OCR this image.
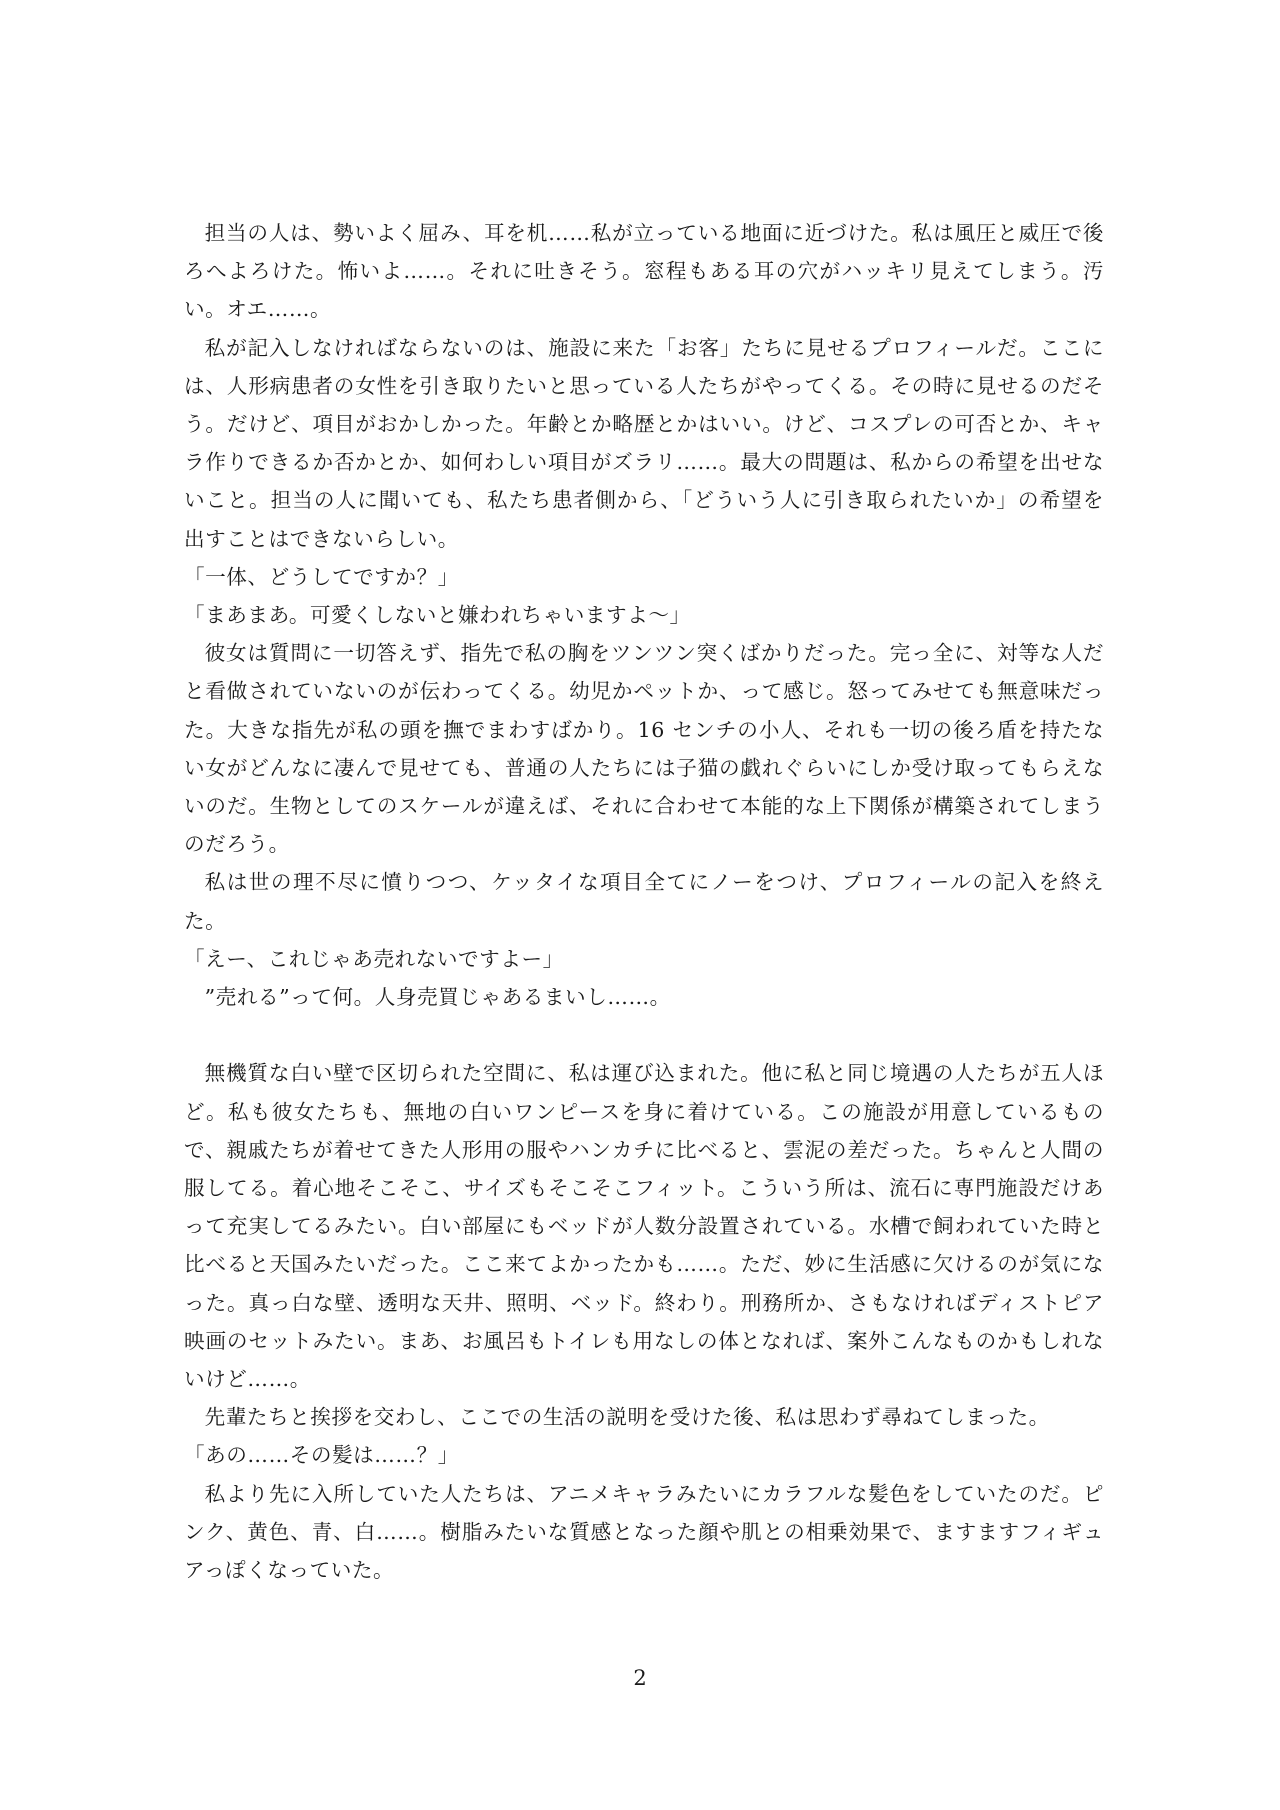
担当の人は、勢いよく屈み、耳を机……私が立っている地面に近づけた。私は風圧と威圧で後ろへよろけた。怖いよ……。それに吐きそう。窓程もある耳の穴がハッキリ見えてしまう。汚い。オエ……。

私が記入しなければならないのは、施設に来た「お客」たちに見せるプロフィールだ。ここには、人形病患者の女性を引き取りたいと思っている人たちがやってくる。その時に見せるのだそう。だけど、項目がおかしかった。年齢とか略歴とかはいい。けど、コスプレの可否とか、キャラ作りできるか否かとか、如何わしい項目がズラリ……。最大の問題は、私からの希望を出せないこと。担当の人に聞いても、私たち患者側から、「どういう人に引き取られたいか」の希望を出すことはできないらしい。

「一体、どうしてですか？」

「まあまあ。可愛くしないと嫌われちゃいますよ～」

彼女は質問に一切答えず、指先で私の胸をツンツン突くばかりだった。完っ全に、対等な人だと看做されていないのが伝わってくる。幼児かペットか、って感じ。怒ってみせても無意味だった。大きな指先が私の頭を撫でまわすばかり。16 センチの小人、それも一切の後ろ盾を持たない女がどんなに凄んで見せても、普通の人たちには子猫の戯れぐらいにしか受け取ってもらえないのだ。生物としてのスケールが違えば、それに合わせて本能的な上下関係が構築されてしまうのだろう。

私は世の理不尽に憤りつつ、ケッタイな項目全てにノーをつけ、プロフィールの記入を終えた。

「えー、これじゃあ売れないですよー」

”売れる”って何。人身売買じゃあるまいし……。

無機質な白い壁で区切られた空間に、私は運び込まれた。他に私と同じ境遇の人たちが五人ほど。私も彼女たちも、無地の白いワンピースを身に着けている。この施設が用意しているもので、親戚たちが着せてきた人形用の服やハンカチに比べると、雲泥の差だった。ちゃんと人間の服してる。着心地そこそこ、サイズもそこそこフィット。こういう所は、流石に専門施設だけあって充実してるみたい。白い部屋にもベッドが人数分設置されている。水槽で飼われていた時と比べると天国みたいだった。ここ来てよかったかも……。ただ、妙に生活感に欠けるのが気になった。真っ白な壁、透明な天井、照明、ベッド。終わり。刑務所か、さもなければディストピア映画のセットみたい。まあ、お風呂もトイレも用なしの体となれば、案外こんなものかもしれないけど……。

先輩たちと挨拶を交わし、ここでの生活の説明を受けた後、私は思わず尋ねてしまった。

「あの……その髪は……？」

私より先に入所していた人たちは、アニメキャラみたいにカラフルな髪色をしていたのだ。ピンク、黄色、青、白……。樹脂みたいな質感となった顔や肌との相乗効果で、ますますフィギュアっぽくなっていた。

2
